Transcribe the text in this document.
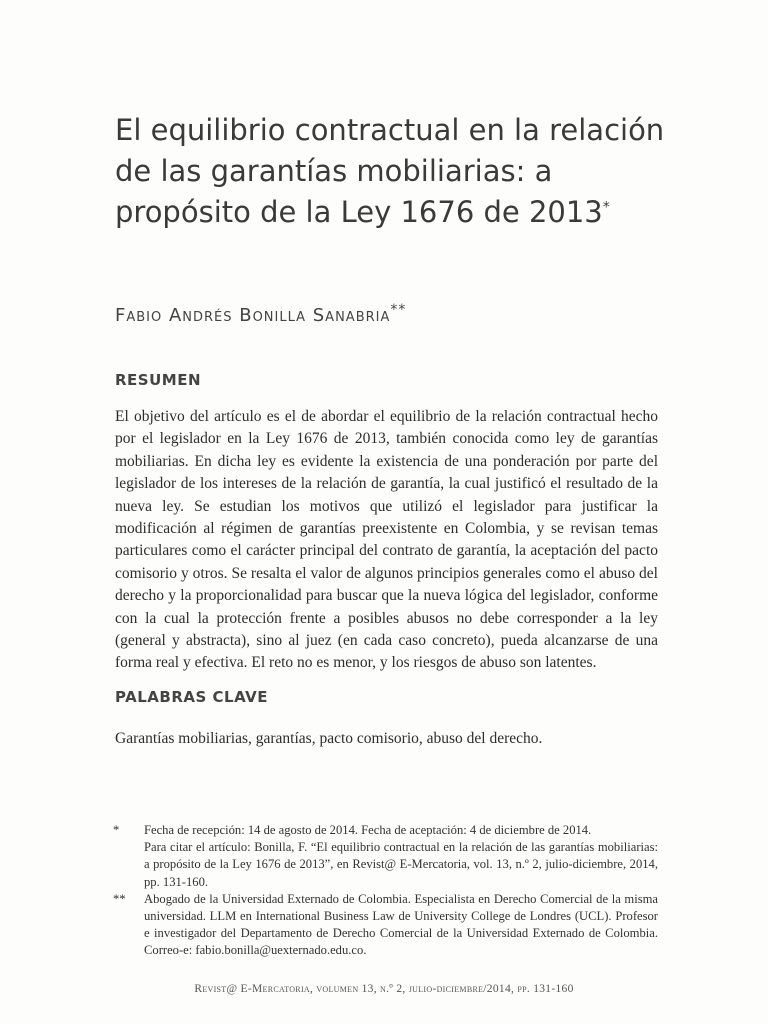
El equilibrio contractual en la relación de las garantías mobiliarias: a propósito de la Ley 1676 de 2013*

Fabio Andrés Bonilla Sanabria**

RESUMEN

El objetivo del artículo es el de abordar el equilibrio de la relación contractual hecho por el legislador en la Ley 1676 de 2013, también conocida como ley de garantías mobiliarias. En dicha ley es evidente la existencia de una ponderación por parte del legislador de los intereses de la relación de garantía, la cual justificó el resultado de la nueva ley. Se estudian los motivos que utilizó el legislador para justificar la modificación al régimen de garantías preexistente en Colombia, y se revisan temas particulares como el carácter principal del contrato de garantía, la aceptación del pacto comisorio y otros. Se resalta el valor de algunos principios generales como el abuso del derecho y la proporcionalidad para buscar que la nueva lógica del legislador, conforme con la cual la protección frente a posibles abusos no debe corresponder a la ley (general y abstracta), sino al juez (en cada caso concreto), pueda alcanzarse de una forma real y efectiva. El reto no es menor, y los riesgos de abuso son latentes.

PALABRAS CLAVE

Garantías mobiliarias, garantías, pacto comisorio, abuso del derecho.

*	Fecha de recepción: 14 de agosto de 2014. Fecha de aceptación: 4 de diciembre de 2014.
Para citar el artículo: Bonilla, F. “El equilibrio contractual en la relación de las garantías mobiliarias: a propósito de la Ley 1676 de 2013”, en Revist@ E-Mercatoria, vol. 13, n.º 2, julio-diciembre, 2014, pp. 131-160.
**	Abogado de la Universidad Externado de Colombia. Especialista en Derecho Comercial de la misma universidad. LLM en International Business Law de University College de Londres (UCL). Profesor e investigador del Departamento de Derecho Comercial de la Universidad Externado de Colombia. Correo-e: fabio.bonilla@uexternado.edu.co.
Revist@ E-Mercatoria, volumen 13, n.º 2, julio-diciembre/2014, pp. 131-160
